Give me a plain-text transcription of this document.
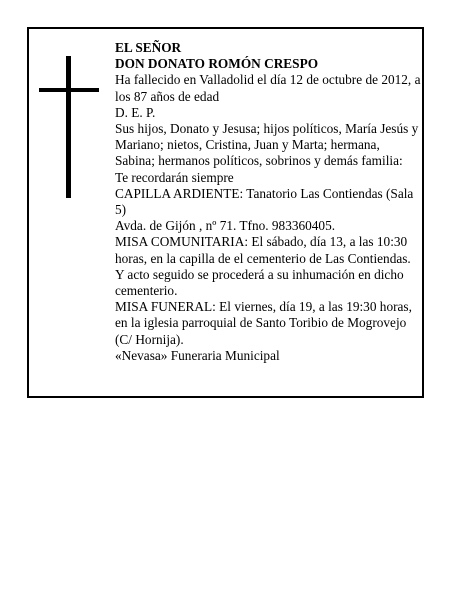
EL SEÑOR

DON DONATO ROMÓN CRESPO

Ha fallecido en Valladolid el día 12 de octubre de 2012, a los 87 años de edad

D. E. P.

Sus hijos, Donato y Jesusa; hijos políticos, María Jesús y Mariano; nietos, Cristina, Juan y Marta; hermana, Sabina; hermanos políticos, sobrinos y demás familia:

Te recordarán siempre

CAPILLA ARDIENTE: Tanatorio Las Contiendas (Sala 5)

Avda. de Gijón , nº 71. Tfno. 983360405.

MISA COMUNITARIA: El sábado, día 13, a las 10:30 horas, en la capilla de el cementerio de Las Contiendas. Y acto seguido se procederá a su inhumación en dicho cementerio.

MISA FUNERAL: El viernes, día 19, a las 19:30 horas, en la iglesia parroquial de Santo Toribio de Mogrovejo (C/ Hornija).

«Nevasa» Funeraria Municipal
